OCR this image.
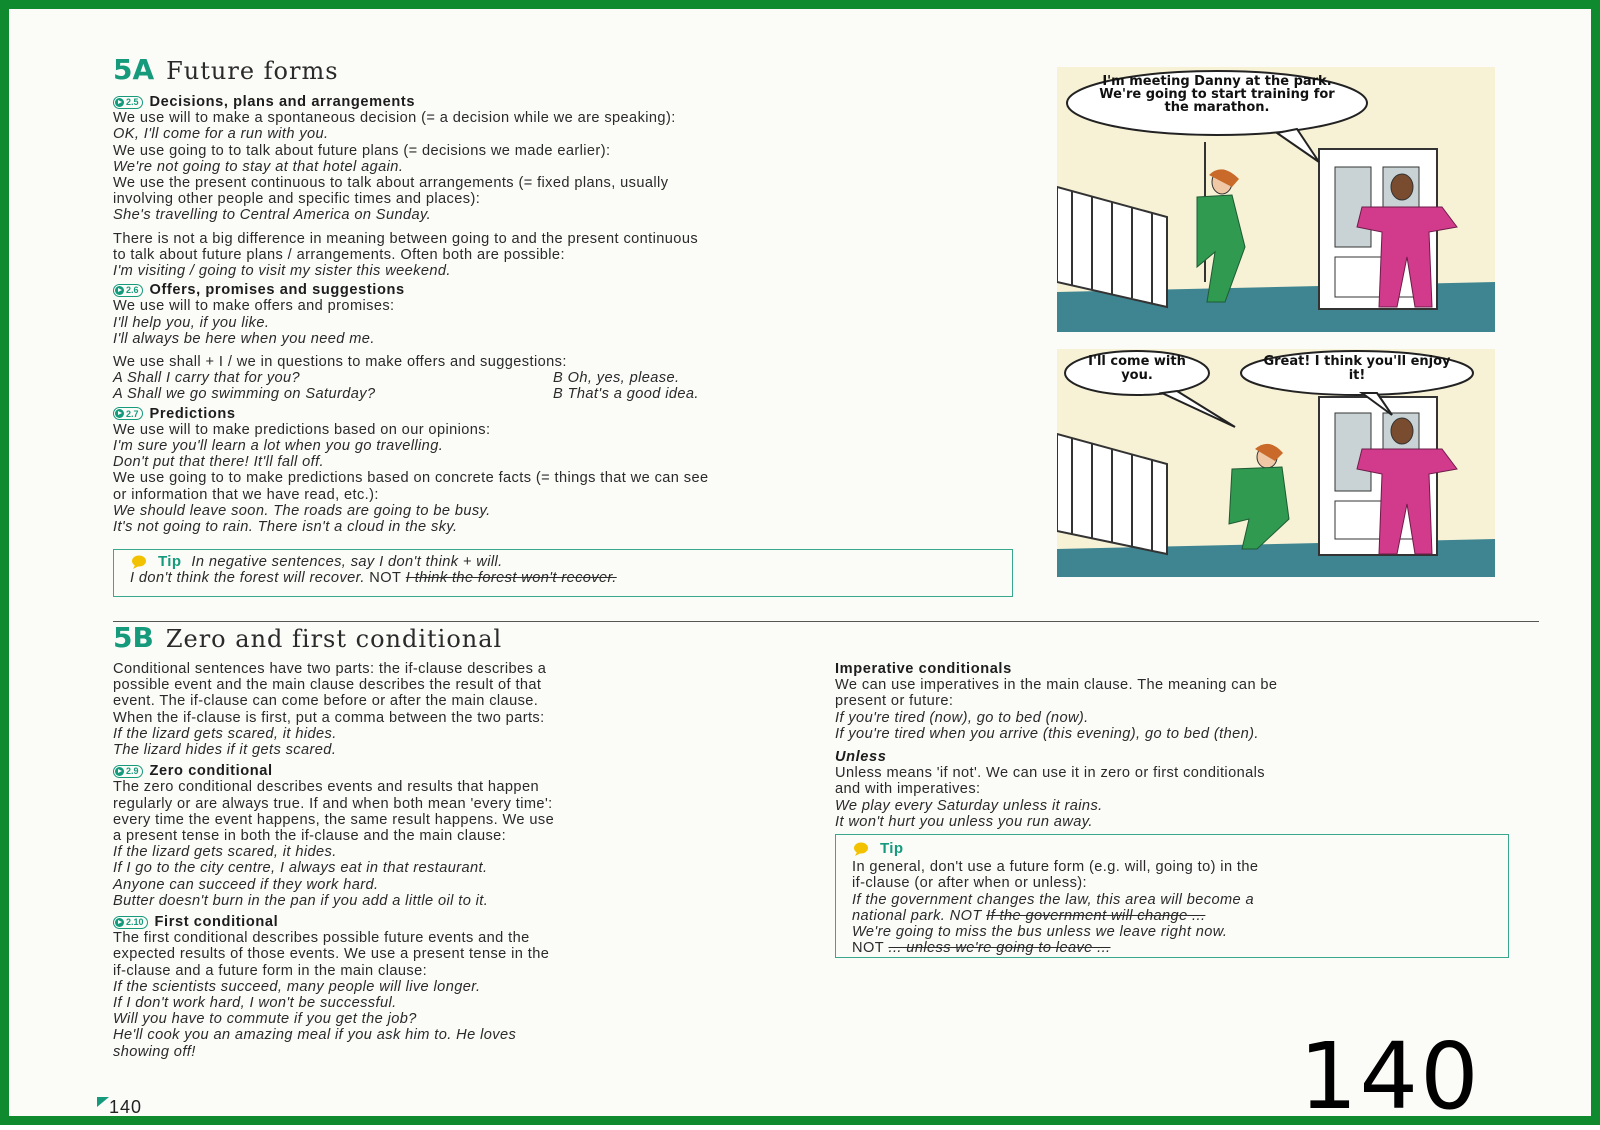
5A Future forms
2.5 Decisions, plans and arrangements
We use will to make a spontaneous decision (= a decision while we are speaking):
OK, I'll come for a run with you.
We use going to to talk about future plans (= decisions we made earlier):
We're not going to stay at that hotel again.
We use the present continuous to talk about arrangements (= fixed plans, usually
involving other people and specific times and places):
She's travelling to Central America on Sunday.
There is not a big difference in meaning between going to and the present continuous
to talk about future plans / arrangements. Often both are possible:
I'm visiting / going to visit my sister this weekend.
2.6 Offers, promises and suggestions
We use will to make offers and promises:
I'll help you, if you like.
I'll always be here when you need me.
We use shall + I / we in questions to make offers and suggestions:
A Shall I carry that for you?	B Oh, yes, please.
A Shall we go swimming on Saturday?	B That's a good idea.
2.7 Predictions
We use will to make predictions based on our opinions:
I'm sure you'll learn a lot when you go travelling.
Don't put that there! It'll fall off.
We use going to to make predictions based on concrete facts (= things that we can see
or information that we have read, etc.):
We should leave soon. The roads are going to be busy.
It's not going to rain. There isn't a cloud in the sky.
Tip In negative sentences, say I don't think + will.
I don't think the forest will recover. NOT I think the forest won't recover.
I'm meeting Danny at the park. We're going to start training for the marathon.
I'll come with you.
Great! I think you'll enjoy it!
5B Zero and first conditional
Conditional sentences have two parts: the if-clause describes a
possible event and the main clause describes the result of that
event. The if-clause can come before or after the main clause.
When the if-clause is first, put a comma between the two parts:
If the lizard gets scared, it hides.
The lizard hides if it gets scared.
2.9 Zero conditional
The zero conditional describes events and results that happen
regularly or are always true. If and when both mean 'every time':
every time the event happens, the same result happens. We use
a present tense in both the if-clause and the main clause:
If the lizard gets scared, it hides.
If I go to the city centre, I always eat in that restaurant.
Anyone can succeed if they work hard.
Butter doesn't burn in the pan if you add a little oil to it.
2.10 First conditional
The first conditional describes possible future events and the
expected results of those events. We use a present tense in the
if-clause and a future form in the main clause:
If the scientists succeed, many people will live longer.
If I don't work hard, I won't be successful.
Will you have to commute if you get the job?
He'll cook you an amazing meal if you ask him to. He loves
showing off!
Imperative conditionals
We can use imperatives in the main clause. The meaning can be
present or future:
If you're tired (now), go to bed (now).
If you're tired when you arrive (this evening), go to bed (then).
Unless
Unless means 'if not'. We can use it in zero or first conditionals
and with imperatives:
We play every Saturday unless it rains.
It won't hurt you unless you run away.
Tip
In general, don't use a future form (e.g. will, going to) in the
if-clause (or after when or unless):
If the government changes the law, this area will become a
national park. NOT If the government will change ...
We're going to miss the bus unless we leave right now.
NOT ... unless we're going to leave ...
140	140
